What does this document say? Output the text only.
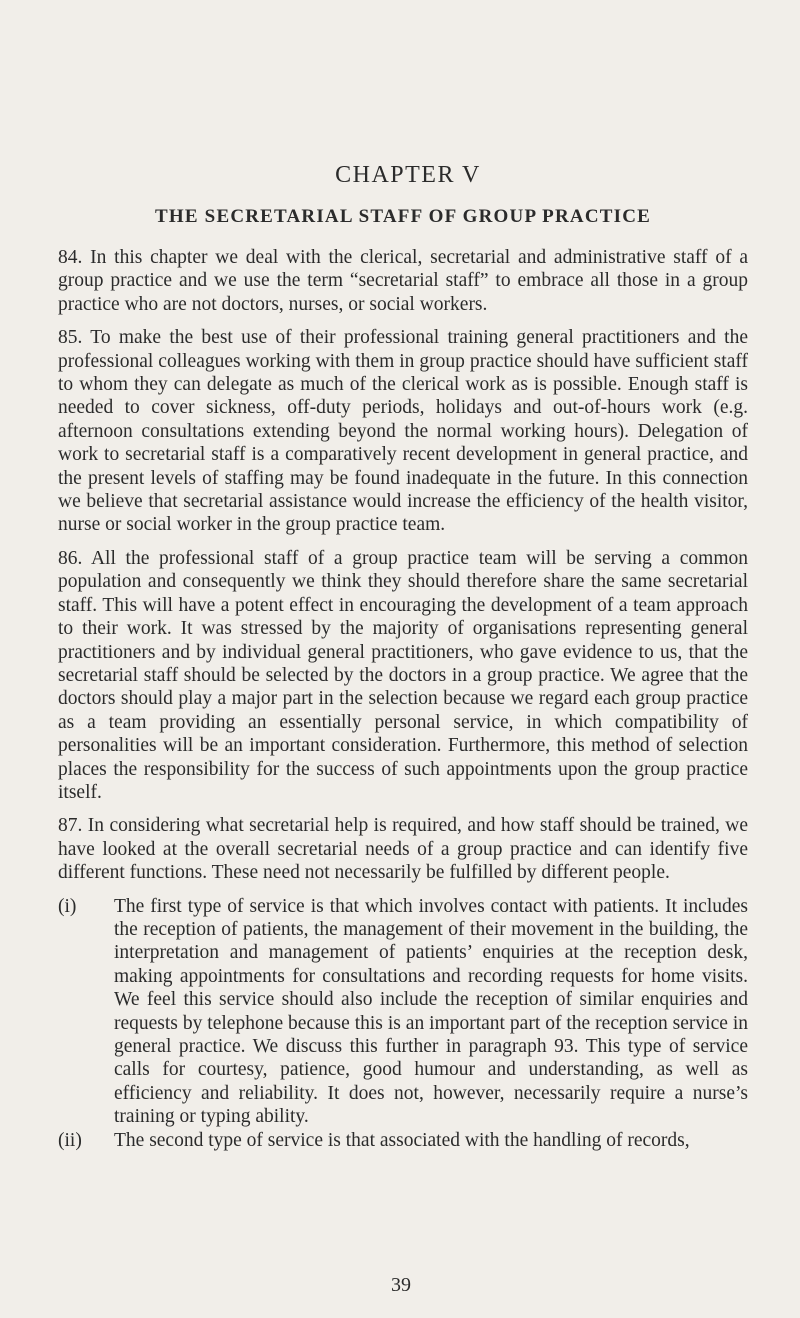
CHAPTER V
THE SECRETARIAL STAFF OF GROUP PRACTICE

84. In this chapter we deal with the clerical, secretarial and administrative staff of a group practice and we use the term “secretarial staff” to embrace all those in a group practice who are not doctors, nurses, or social workers.

85. To make the best use of their professional training general practitioners and the professional colleagues working with them in group practice should have sufficient staff to whom they can delegate as much of the clerical work as is possible. Enough staff is needed to cover sickness, off-duty periods, holidays and out-of-hours work (e.g. afternoon consultations extending beyond the normal working hours). Delegation of work to secretarial staff is a comparatively recent development in general practice, and the present levels of staffing may be found inadequate in the future. In this connection we believe that secretarial assistance would increase the efficiency of the health visitor, nurse or social worker in the group practice team.

86. All the professional staff of a group practice team will be serving a common population and consequently we think they should therefore share the same secretarial staff. This will have a potent effect in encouraging the development of a team approach to their work. It was stressed by the majority of organisations representing general practitioners and by individual general practitioners, who gave evidence to us, that the secretarial staff should be selected by the doctors in a group practice. We agree that the doctors should play a major part in the selection because we regard each group practice as a team providing an essentially personal service, in which compatibility of personalities will be an important consideration. Furthermore, this method of selection places the responsibility for the success of such appointments upon the group practice itself.

87. In considering what secretarial help is required, and how staff should be trained, we have looked at the overall secretarial needs of a group practice and can identify five different functions. These need not necessarily be fulfilled by different people.

(i)	The first type of service is that which involves contact with patients. It includes the reception of patients, the management of their movement in the building, the interpretation and management of patients’ enquiries at the reception desk, making appointments for consultations and recording requests for home visits. We feel this service should also include the reception of similar enquiries and requests by telephone because this is an important part of the reception service in general practice. We discuss this further in paragraph 93. This type of service calls for courtesy, patience, good humour and understanding, as well as efficiency and reliability. It does not, however, necessarily require a nurse’s training or typing ability.
(ii)	The second type of service is that associated with the handling of records,
39
